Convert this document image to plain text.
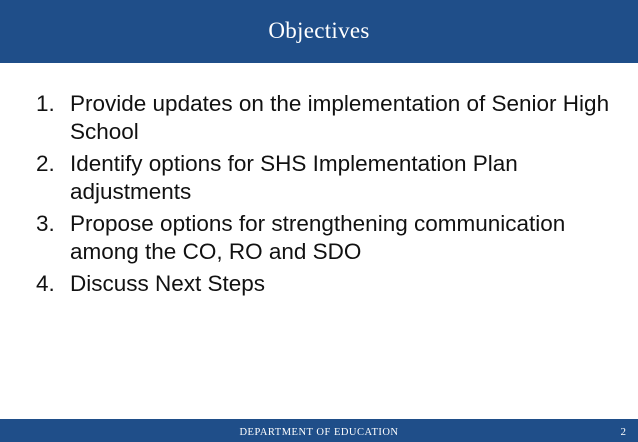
Objectives
1. Provide updates on the implementation of Senior High School
2. Identify options for SHS Implementation Plan adjustments
3. Propose options for strengthening communication among the CO, RO and SDO
4. Discuss Next Steps
DEPARTMENT OF EDUCATION	2
